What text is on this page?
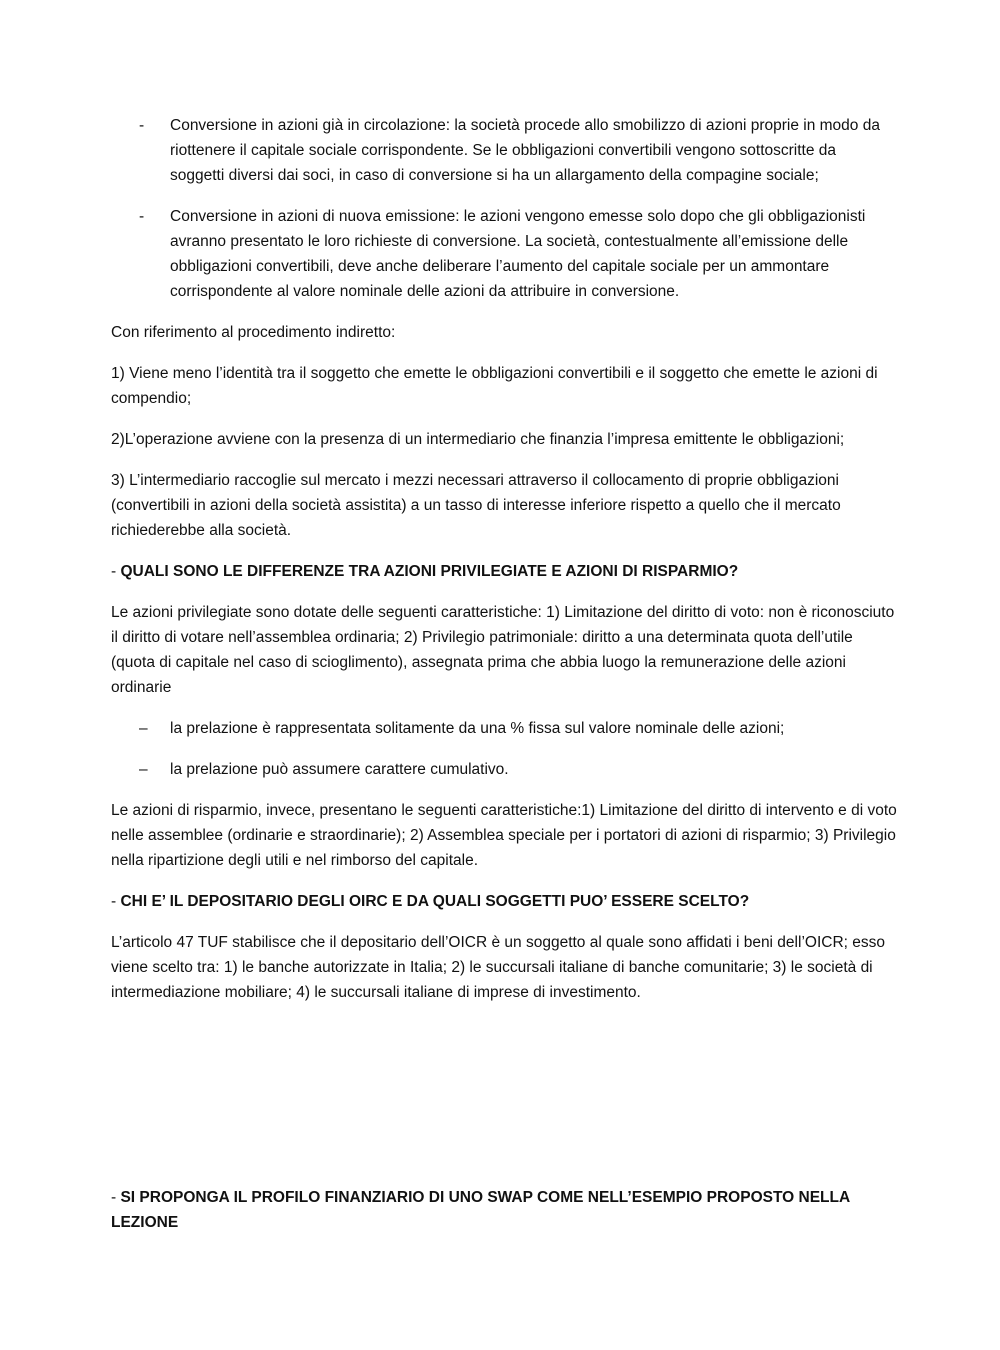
-	Conversione in azioni già in circolazione: la società procede allo smobilizzo di azioni proprie in modo da riottenere il capitale sociale corrispondente. Se le obbligazioni convertibili vengono sottoscritte da soggetti diversi dai soci, in caso di conversione si ha un allargamento della compagine sociale;
-	Conversione in azioni di nuova emissione: le azioni vengono emesse solo dopo che gli obbligazionisti avranno presentato le loro richieste di conversione. La società, contestualmente all’emissione delle obbligazioni convertibili, deve anche deliberare l’aumento del capitale sociale per un ammontare corrispondente al valore nominale delle azioni da attribuire in conversione.

Con riferimento al procedimento indiretto:

1) Viene meno l’identità tra il soggetto che emette le obbligazioni convertibili e il soggetto che emette le azioni di compendio;

2)L’operazione avviene con la presenza di un intermediario che finanzia l’impresa emittente le obbligazioni;

3) L’intermediario raccoglie sul mercato i mezzi necessari attraverso il collocamento di proprie obbligazioni (convertibili in azioni della società assistita) a un tasso di interesse inferiore rispetto a quello che il mercato richiederebbe alla società.

- QUALI SONO LE DIFFERENZE TRA AZIONI PRIVILEGIATE E AZIONI DI RISPARMIO?

Le azioni privilegiate sono dotate delle seguenti caratteristiche: 1) Limitazione del diritto di voto: non è riconosciuto il diritto di votare nell’assemblea ordinaria; 2) Privilegio patrimoniale: diritto a una determinata quota dell’utile (quota di capitale nel caso di scioglimento), assegnata prima che abbia luogo la remunerazione delle azioni ordinarie

–	la prelazione è rappresentata solitamente da una % fissa sul valore nominale delle azioni;
–	la prelazione può assumere carattere cumulativo.

Le azioni di risparmio, invece, presentano le seguenti caratteristiche:1) Limitazione del diritto di intervento e di voto nelle assemblee (ordinarie e straordinarie); 2) Assemblea speciale per i portatori di azioni di risparmio; 3) Privilegio nella ripartizione degli utili e nel rimborso del capitale.

- CHI E’ IL DEPOSITARIO DEGLI OIRC E DA QUALI SOGGETTI PUO’ ESSERE SCELTO?

L’articolo 47 TUF stabilisce che il depositario dell’OICR è un soggetto al quale sono affidati i beni dell’OICR; esso viene scelto tra: 1) le banche autorizzate in Italia; 2) le succursali italiane di banche comunitarie; 3) le società di intermediazione mobiliare; 4) le succursali italiane di imprese di investimento.

- SI PROPONGA IL PROFILO FINANZIARIO DI UNO SWAP COME NELL’ESEMPIO PROPOSTO NELLA LEZIONE
